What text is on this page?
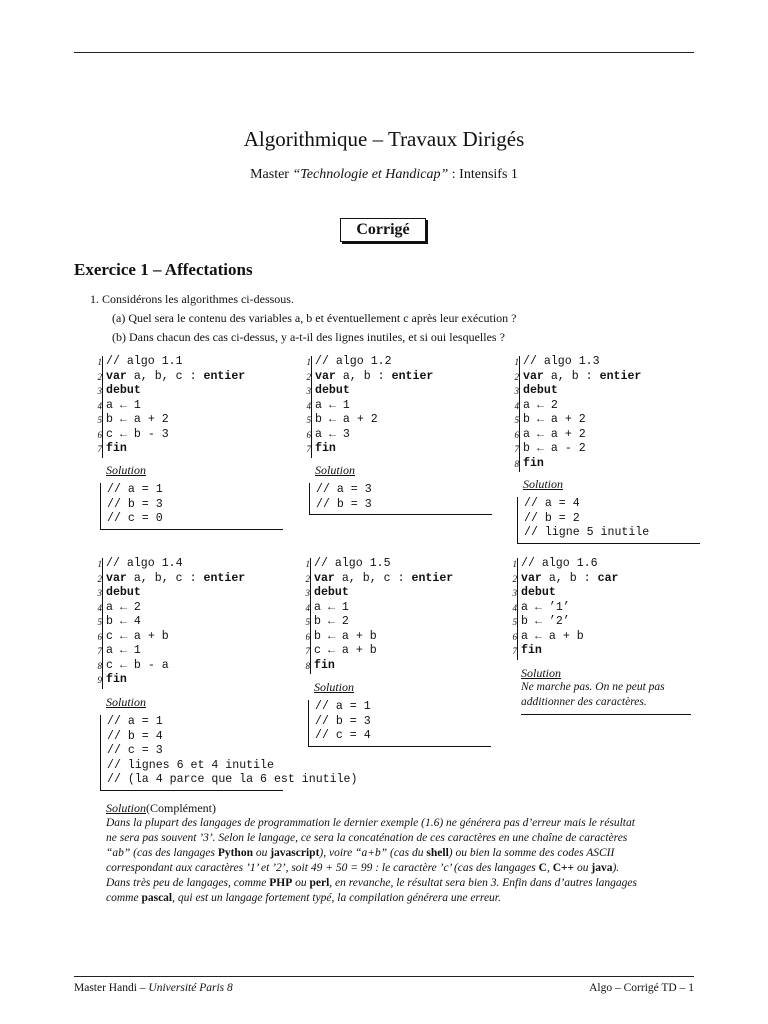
Algorithmique – Travaux Dirigés
Master “Technologie et Handicap” : Intensifs 1
Corrigé
Exercice 1 – Affectations
1. Considérons les algorithmes ci-dessous.
(a) Quel sera le contenu des variables a, b et éventuellement c après leur exécution ?
(b) Dans chacun des cas ci-dessus, y a-t-il des lignes inutiles, et si oui lesquelles ?
// algo 1.1
1
var a, b, c : entier
2
debut
3
a ← 1
4
b ← a + 2
5
c ← b - 3
6
fin
7
Solution
// a = 1
// b = 3
// c = 0
// algo 1.2
1
var a, b : entier
2
debut
3
a ← 1
4
b ← a + 2
5
a ← 3
6
fin
7
Solution
// a = 3
// b = 3
// algo 1.3
1
var a, b : entier
2
debut
3
a ← 2
4
b ← a + 2
5
a ← a + 2
6
b ← a - 2
7
fin
8
Solution
// a = 4
// b = 2
// ligne 5 inutile
// algo 1.4
1
var a, b, c : entier
2
debut
3
a ← 2
4
b ← 4
5
c ← a + b
6
a ← 1
7
c ← b - a
8
fin
9
Solution
// a = 1
// b = 4
// c = 3
// lignes 6 et 4 inutile
// (la 4 parce que la 6 est inutile)
// algo 1.5
1
var a, b, c : entier
2
debut
3
a ← 1
4
b ← 2
5
b ← a + b
6
c ← a + b
7
fin
8
Solution
// a = 1
// b = 3
// c = 4
// algo 1.6
1
var a, b : car
2
debut
3
a ← ’1’
4
b ← ’2’
5
a ← a + b
6
fin
7
Solution
Ne marche pas. On ne peut pas
additionner des caractères.
Solution(Complément)
Dans la plupart des langages de programmation le dernier exemple (1.6) ne générera pas d’erreur mais le résultat
ne sera pas souvent ’3’. Selon le langage, ce sera la concaténation de ces caractères en une chaîne de caractères
“ab” (cas des langages Python ou javascript), voire “a+b” (cas du shell) ou bien la somme des codes ASCII
correspondant aux caractères ’1’ et ’2’, soit 49 + 50 = 99 : le caractère ’c’ (cas des langages C, C++ ou java).
Dans très peu de langages, comme PHP ou perl, en revanche, le résultat sera bien 3. Enfin dans d’autres langages
comme pascal, qui est un langage fortement typé, la compilation générera une erreur.
Master Handi – Université Paris 8	Algo – Corrigé TD – 1
